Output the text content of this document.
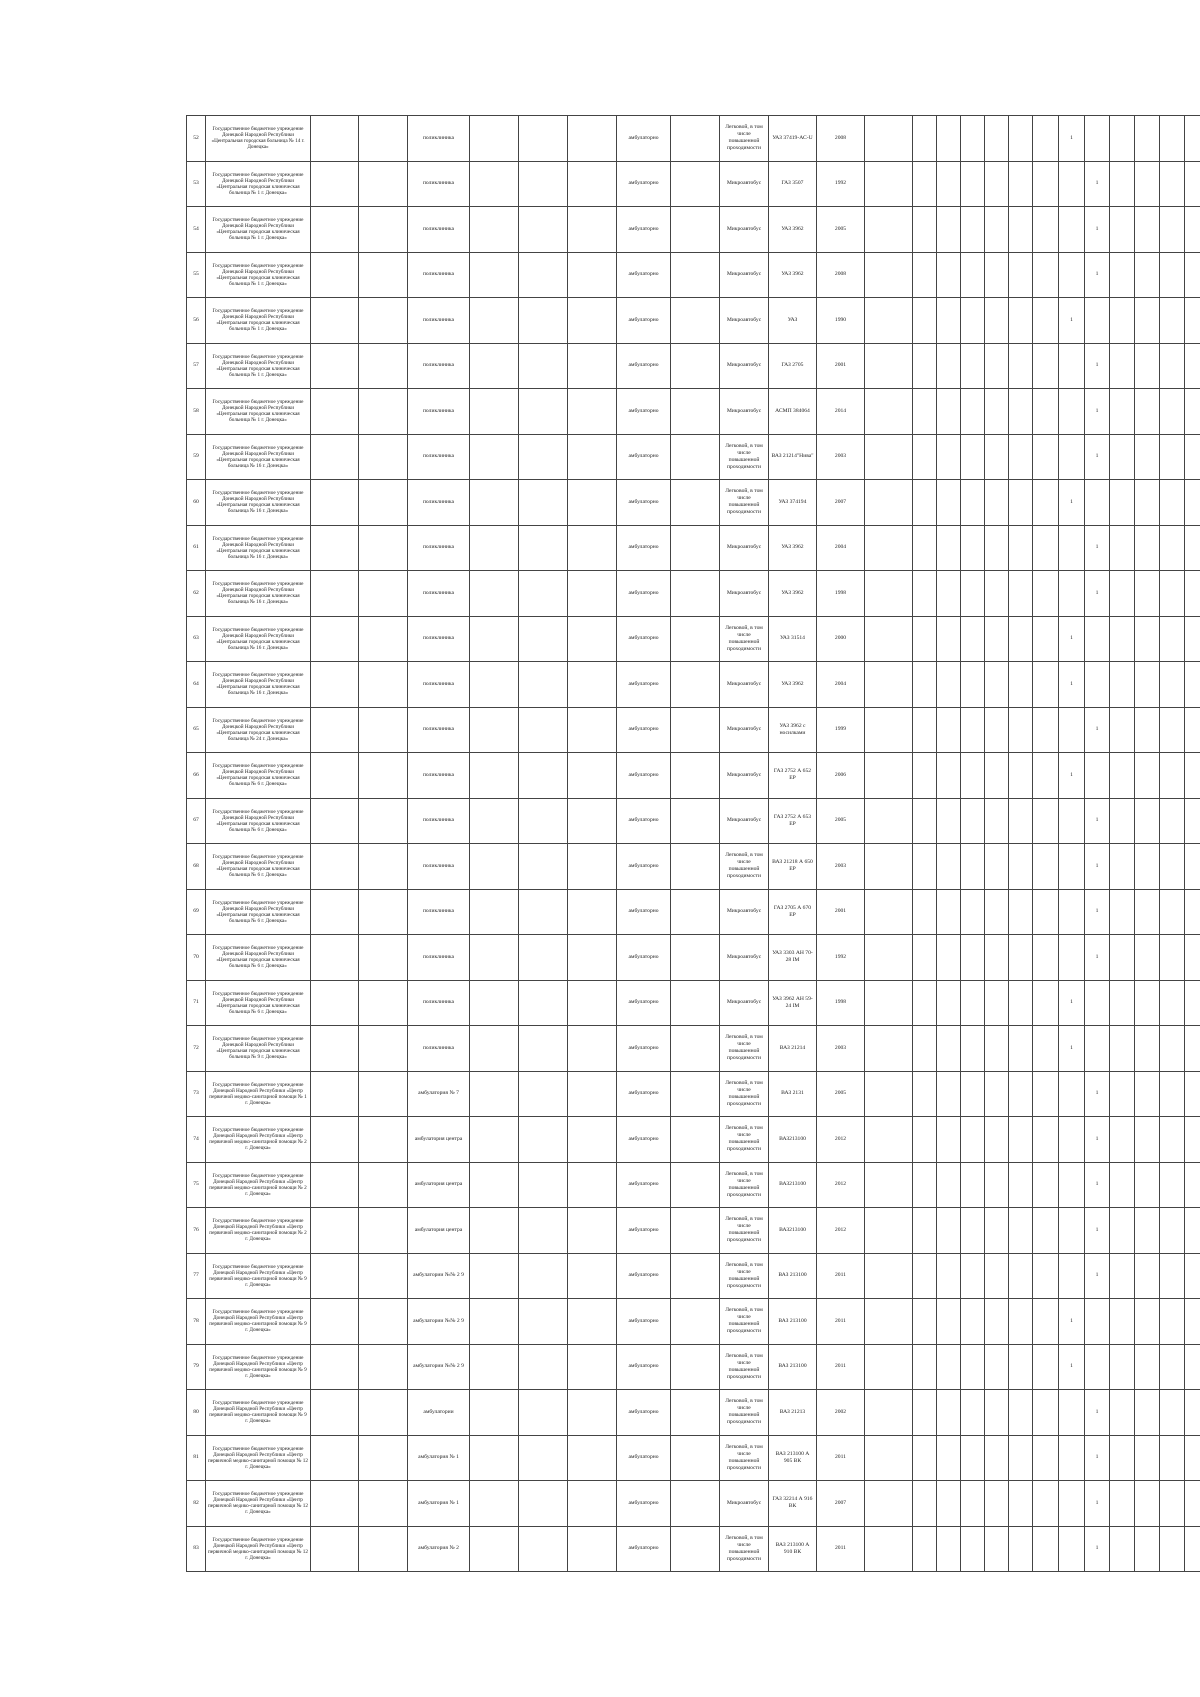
52	Государственное бюджетное учреждение Донецкой Народной Республики «Центральная городская больница № 14 г. Донецка»			поликлиника				амбулаторно		Легковой, в том числе повышенной проходимости	УАЗ 37419-АС-U	2008								1					
53	Государственное бюджетное учреждение Донецкой Народной Республики «Центральная городская клиническая больница № 1 г. Донецка»			поликлиника				амбулаторно		Микроавтобус	ГАЗ 3507	1992									1				
54	Государственное бюджетное учреждение Донецкой Народной Республики «Центральная городская клиническая больница № 1 г. Донецка»			поликлиника				амбулаторно		Микроавтобус	УАЗ 3962	2005									1				
55	Государственное бюджетное учреждение Донецкой Народной Республики «Центральная городская клиническая больница № 1 г. Донецка»			поликлиника				амбулаторно		Микроавтобус	УАЗ 3962	2008									1				
56	Государственное бюджетное учреждение Донецкой Народной Республики «Центральная городская клиническая больница № 1 г. Донецка»			поликлиника				амбулаторно		Микроавтобус	УАЗ	1990								1					
57	Государственное бюджетное учреждение Донецкой Народной Республики «Центральная городская клиническая больница № 1 г. Донецка»			поликлиника				амбулаторно		Микроавтобус	ГАЗ 2705	2001									1				
58	Государственное бюджетное учреждение Донецкой Народной Республики «Центральная городская клиническая больница № 1 г. Донецка»			поликлиника				амбулаторно		Микроавтобус	АСМП 384064	2014									1				
59	Государственное бюджетное учреждение Донецкой Народной Республики «Центральная городская клиническая больница № 16 г. Донецка»			поликлиника				амбулаторно		Легковой, в том числе повышенной проходимости	ВАЗ 21214"Нива"	2003									1				
60	Государственное бюджетное учреждение Донецкой Народной Республики «Центральная городская клиническая больница № 16 г. Донецка»			поликлиника				амбулаторно		Легковой, в том числе повышенной проходимости	УАЗ 374194	2007								1					
61	Государственное бюджетное учреждение Донецкой Народной Республики «Центральная городская клиническая больница № 16 г. Донецка»			поликлиника				амбулаторно		Микроавтобус	УАЗ 3962	2004									1				
62	Государственное бюджетное учреждение Донецкой Народной Республики «Центральная городская клиническая больница № 16 г. Донецка»			поликлиника				амбулаторно		Микроавтобус	УАЗ 3962	1998									1				
63	Государственное бюджетное учреждение Донецкой Народной Республики «Центральная городская клиническая больница № 16 г. Донецка»			поликлиника				амбулаторно		Легковой, в том числе повышенной проходимости	УАЗ 31514	2000								1					
64	Государственное бюджетное учреждение Донецкой Народной Республики «Центральная городская клиническая больница № 16 г. Донецка»			поликлиника				амбулаторно		Микроавтобус	УАЗ 3962	2004								1					
65	Государственное бюджетное учреждение Донецкой Народной Республики «Центральная городская клиническая больница № 24 г. Донецка»			поликлиника				амбулаторно		Микроавтобус	УАЗ 3962 с носилками	1999									1				
66	Государственное бюджетное учреждение Донецкой Народной Республики «Центральная городская клиническая больница № 6 г. Донецка»			поликлиника				амбулаторно		Микроавтобус	ГАЗ 2752 А 652 ЕР	2006								1					
67	Государственное бюджетное учреждение Донецкой Народной Республики «Центральная городская клиническая больница № 6 г. Донецка»			поликлиника				амбулаторно		Микроавтобус	ГАЗ 2752 А 653 ЕР	2005									1				
68	Государственное бюджетное учреждение Донецкой Народной Республики «Центральная городская клиническая больница № 6 г. Донецка»			поликлиника				амбулаторно		Легковой, в том числе повышенной проходимости	ВАЗ 21218 А 650 ЕР	2003									1				
69	Государственное бюджетное учреждение Донецкой Народной Республики «Центральная городская клиническая больница № 6 г. Донецка»			поликлиника				амбулаторно		Микроавтобус	ГАЗ 2705 А 670 ЕР	2001									1				
70	Государственное бюджетное учреждение Донецкой Народной Республики «Центральная городская клиническая больница № 6 г. Донецка»			поликлиника				амбулаторно		Микроавтобус	УАЗ 3303 АН 70-28 IM	1992									1				
71	Государственное бюджетное учреждение Донецкой Народной Республики «Центральная городская клиническая больница № 6 г. Донецка»			поликлиника				амбулаторно		Микроавтобус	УАЗ 3962 АН 59-24 IM	1998								1					
72	Государственное бюджетное учреждение Донецкой Народной Республики «Центральная городская клиническая больница № 9 г. Донецка»			поликлиника				амбулаторно		Легковой, в том числе повышенной проходимости	ВАЗ 21214	2003								1					
73	Государственное бюджетное учреждение Донецкой Народной Республики «Центр первичной медико-санитарной помощи № 1 г. Донецка»			амбулатория № 7				амбулаторно		Легковой, в том числе повышенной проходимости	ВАЗ 2131	2005									1				
74	Государственное бюджетное учреждение Донецкой Народной Республики «Центр первичной медико-санитарной помощи № 2 г. Донецка»			амбулатория центра				амбулаторно		Легковой, в том числе повышенной проходимости	ВАЗ213100	2012									1				
75	Государственное бюджетное учреждение Донецкой Народной Республики «Центр первичной медико-санитарной помощи № 2 г. Донецка»			амбулатория центра				амбулаторно		Легковой, в том числе повышенной проходимости	ВАЗ213100	2012									1				
76	Государственное бюджетное учреждение Донецкой Народной Республики «Центр первичной медико-санитарной помощи № 2 г. Донецка»			амбулатория центра				амбулаторно		Легковой, в том числе повышенной проходимости	ВАЗ213100	2012									1				
77	Государственное бюджетное учреждение Донецкой Народной Республики «Центр первичной медико-санитарной помощи № 9 г. Донецка»			амбулатории №№ 2 9				амбулаторно		Легковой, в том числе повышенной проходимости	ВАЗ 213100	2011									1				
78	Государственное бюджетное учреждение Донецкой Народной Республики «Центр первичной медико-санитарной помощи № 9 г. Донецка»			амбулатории №№ 2 9				амбулаторно		Легковой, в том числе повышенной проходимости	ВАЗ 213100	2011								1					
79	Государственное бюджетное учреждение Донецкой Народной Республики «Центр первичной медико-санитарной помощи № 9 г. Донецка»			амбулатории №№ 2 9				амбулаторно		Легковой, в том числе повышенной проходимости	ВАЗ 213100	2011								1					
80	Государственное бюджетное учреждение Донецкой Народной Республики «Центр первичной медико-санитарной помощи № 9 г. Донецка»			амбулатории				амбулаторно		Легковой, в том числе повышенной проходимости	ВАЗ 21213	2002									1				
81	Государственное бюджетное учреждение Донецкой Народной Республики «Центр первичной медико-санитарной помощи № 12 г. Донецка»			амбулатория № 1				амбулаторно		Легковой, в том числе повышенной проходимости	ВАЗ 213100 А 905 ВК	2011									1				
82	Государственное бюджетное учреждение Донецкой Народной Республики «Центр первичной медико-санитарной помощи № 12 г. Донецка»			амбулатория № 1				амбулаторно		Микроавтобус	ГАЗ 32214 А 916 ВК	2007									1				
83	Государственное бюджетное учреждение Донецкой Народной Республики «Центр первичной медико-санитарной помощи № 12 г. Донецка»			амбулатория № 2				амбулаторно		Легковой, в том числе повышенной проходимости	ВАЗ 213100 А 910 ВК	2011									1				
